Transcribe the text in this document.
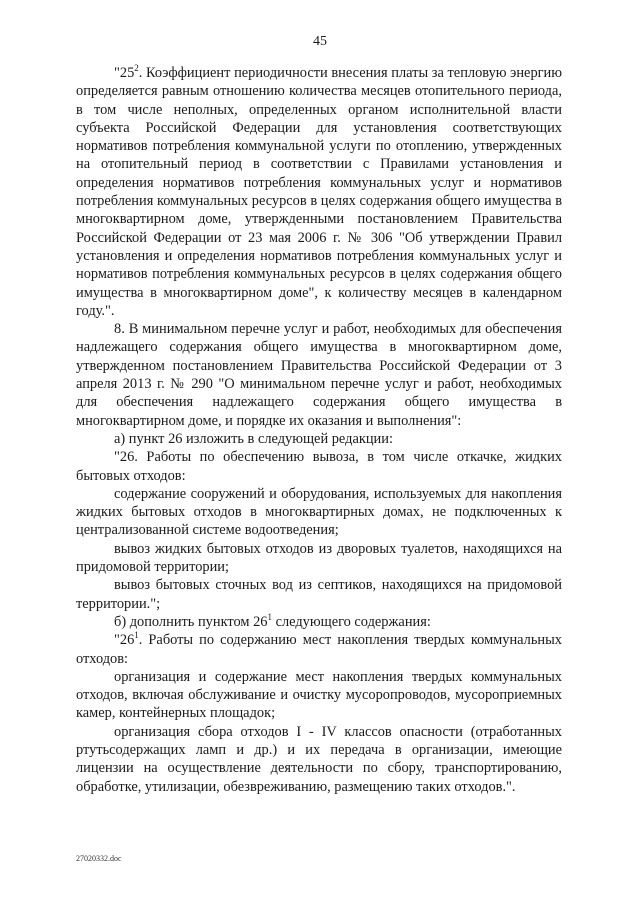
45

"$25^2$. Коэффициент периодичности внесения платы за тепловую энергию определяется равным отношению количества месяцев отопительного периода, в том числе неполных, определенных органом исполнительной власти субъекта Российской Федерации для установления соответствующих нормативов потребления коммунальной услуги по отоплению, утвержденных на отопительный период в соответствии с Правилами установления и определения нормативов потребления коммунальных услуг и нормативов потребления коммунальных ресурсов в целях содержания общего имущества в многоквартирном доме, утвержденными постановлением Правительства Российской Федерации от 23 мая 2006 г. № 306 "Об утверждении Правил установления и определения нормативов потребления коммунальных услуг и нормативов потребления коммунальных ресурсов в целях содержания общего имущества в многоквартирном доме", к количеству месяцев в календарном году.".

8. В минимальном перечне услуг и работ, необходимых для обеспечения надлежащего содержания общего имущества в многоквартирном доме, утвержденном постановлением Правительства Российской Федерации от 3 апреля 2013 г. № 290 "О минимальном перечне услуг и работ, необходимых для обеспечения надлежащего содержания общего имущества в многоквартирном доме, и порядке их оказания и выполнения":

а) пункт 26 изложить в следующей редакции:

"26. Работы по обеспечению вывоза, в том числе откачке, жидких бытовых отходов:

содержание сооружений и оборудования, используемых для накопления жидких бытовых отходов в многоквартирных домах, не подключенных к централизованной системе водоотведения;

вывоз жидких бытовых отходов из дворовых туалетов, находящихся на придомовой территории;

вывоз бытовых сточных вод из септиков, находящихся на придомовой территории.";

б) дополнить пунктом $26^1$ следующего содержания:

"$26^1$. Работы по содержанию мест накопления твердых коммунальных отходов:

организация и содержание мест накопления твердых коммунальных отходов, включая обслуживание и очистку мусоропроводов, мусороприемных камер, контейнерных площадок;

организация сбора отходов I - IV классов опасности (отработанных ртутьсодержащих ламп и др.) и их передача в организации, имеющие лицензии на осуществление деятельности по сбору, транспортированию, обработке, утилизации, обезвреживанию, размещению таких отходов.".

27020332.doc
